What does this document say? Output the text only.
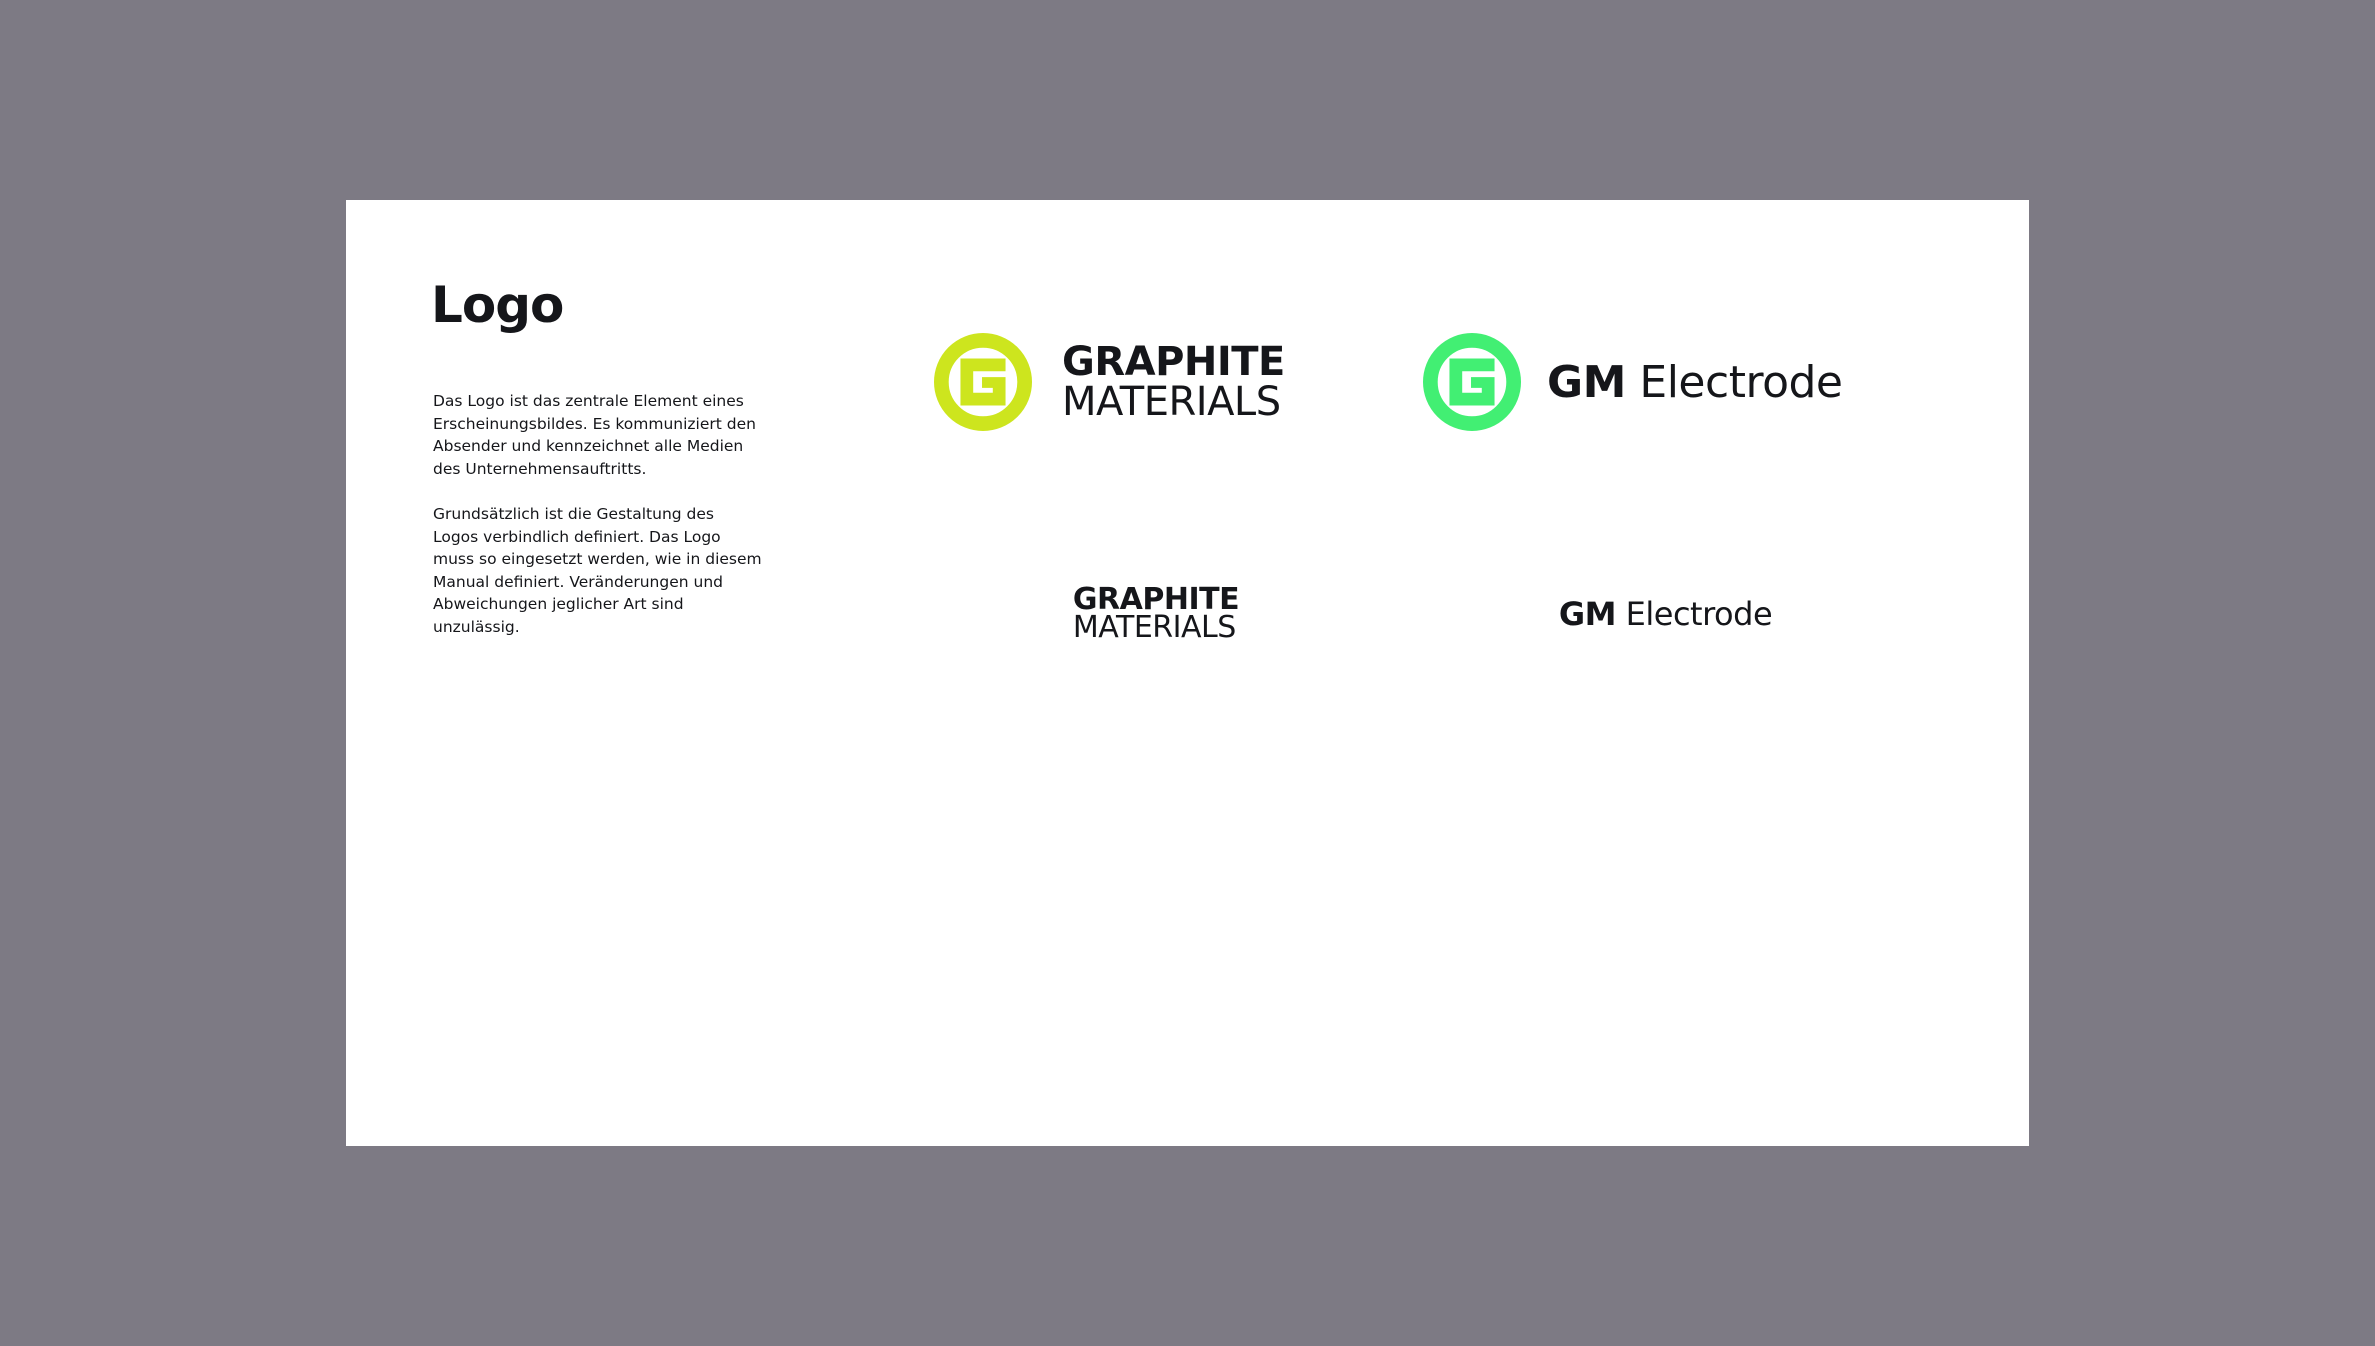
Logo

Das Logo ist das zentrale Element eines Erscheinungsbildes. Es kommuniziert den Absender und kennzeichnet alle Medien des Unternehmensauftritts.

Grundsätzlich ist die Gestaltung des Logos verbindlich definiert. Das Logo muss so eingesetzt werden, wie in diesem Manual definiert. Veränderungen und Abweichungen jeglicher Art sind unzulässig.

GRAPHITE
MATERIALS	GM Electrode
GRAPHITE
MATERIALS
GRAPHITE
MATERIALS
GRAPHITE
MATERIALS
GM Electrode
GM Electrode
GM Electrode
